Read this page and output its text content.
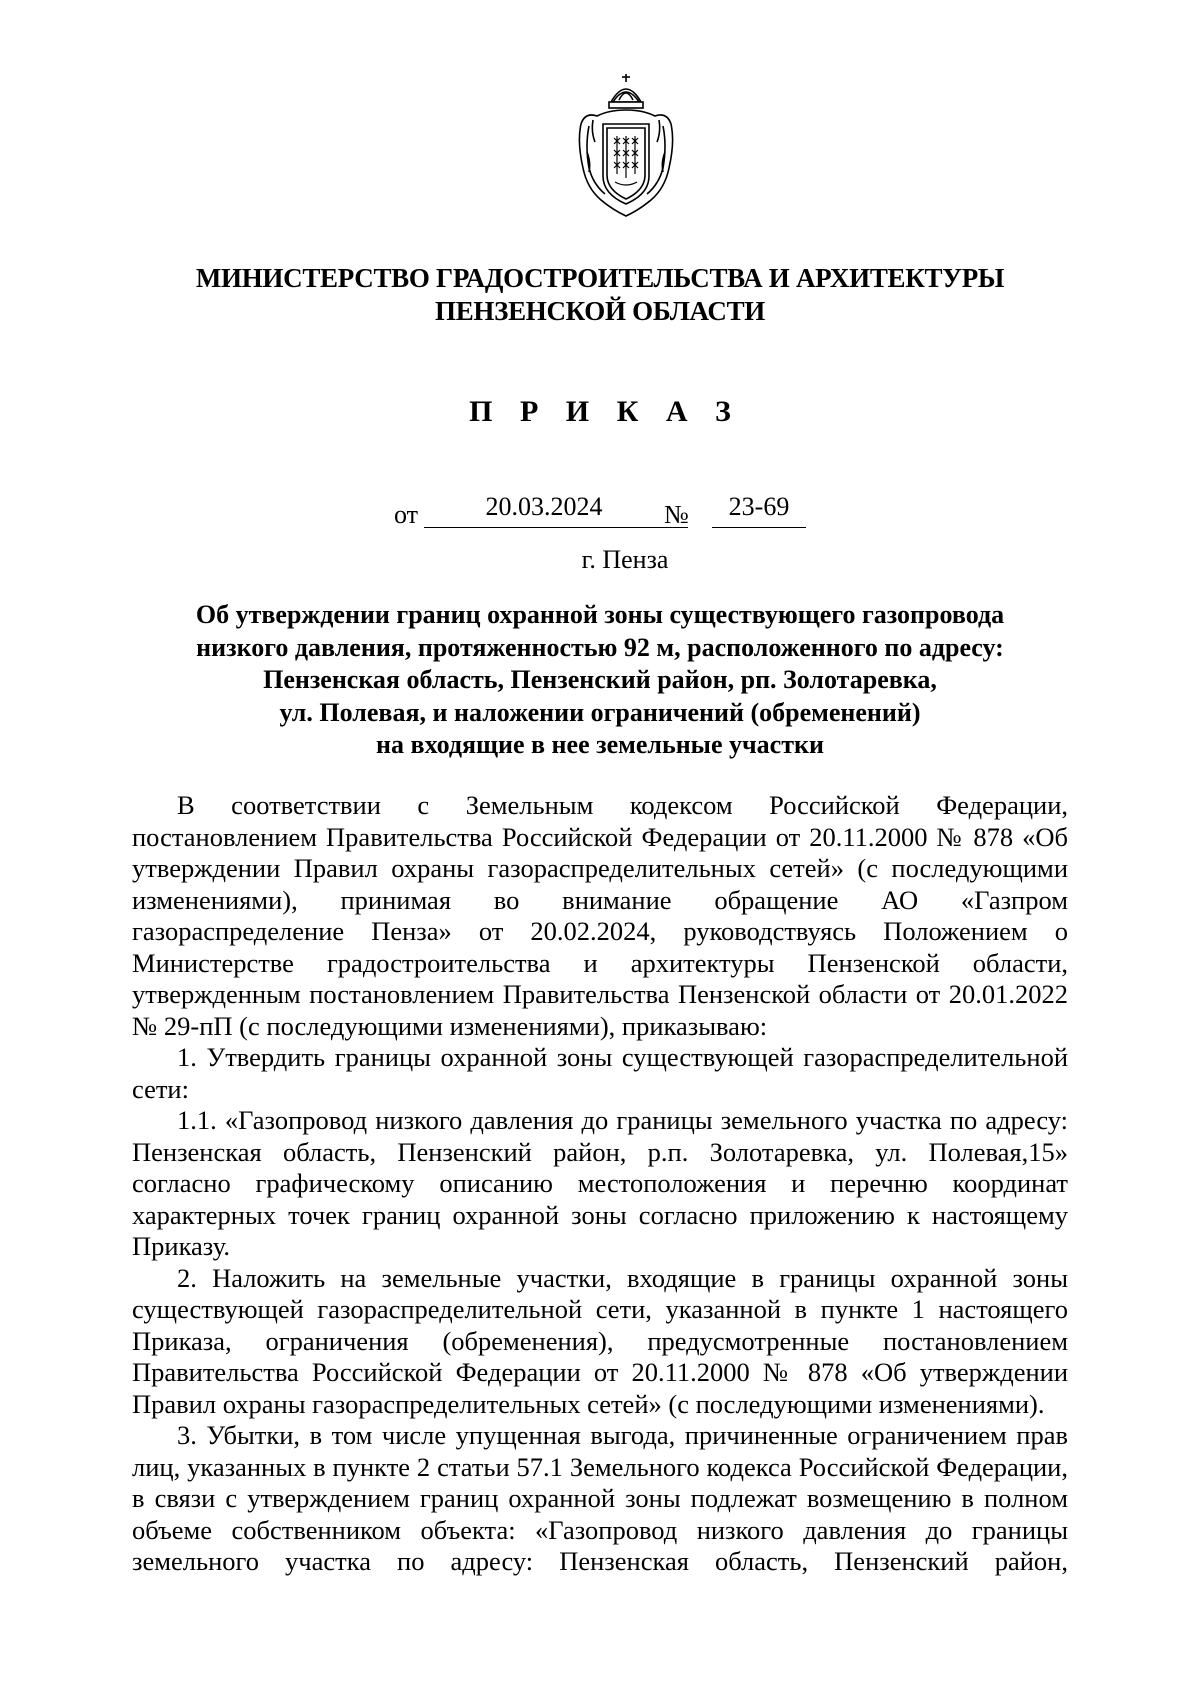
МИНИСТЕРСТВО ГРАДОСТРОИТЕЛЬСТВА И АРХИТЕКТУРЫ
ПЕНЗЕНСКОЙ ОБЛАСТИ
П Р И К А З
от	20.03.2024	№	23-69
г. Пенза
Об утверждении границ охранной зоны существующего газопровода
низкого давления, протяженностью 92 м, расположенного по адресу:
Пензенская область, Пензенский район, рп. Золотаревка,
ул. Полевая, и наложении ограничений (обременений)
на входящие в нее земельные участки

В соответствии с Земельным кодексом Российской Федерации, постановлением Правительства Российской Федерации от 20.11.2000 № 878 «Об утверждении Правил охраны газораспределительных сетей» (с последующими изменениями), принимая во внимание обращение АО «Газпром газораспределение Пенза» от 20.02.2024, руководствуясь Положением о Министерстве градостроительства и архитектуры Пензенской области, утвержденным постановлением Правительства Пензенской области от 20.01.2022 № 29-пП (с последующими изменениями), приказываю:

1. Утвердить границы охранной зоны существующей газораспределительной сети:

1.1. «Газопровод низкого давления до границы земельного участка по адресу: Пензенская область, Пензенский район, р.п. Золотаревка, ул. Полевая,15» согласно графическому описанию местоположения и перечню координат характерных точек границ охранной зоны согласно приложению к настоящему Приказу.

2. Наложить на земельные участки, входящие в границы охранной зоны существующей газораспределительной сети, указанной в пункте 1 настоящего Приказа, ограничения (обременения), предусмотренные постановлением Правительства Российской Федерации от 20.11.2000 № 878 «Об утверждении Правил охраны газораспределительных сетей» (с последующими изменениями).

3. Убытки, в том числе упущенная выгода, причиненные ограничением прав лиц, указанных в пункте 2 статьи 57.1 Земельного кодекса Российской Федерации, в связи с утверждением границ охранной зоны подлежат возмещению в полном объеме собственником объекта: «Газопровод низкого давления до границы земельного участка по адресу: Пензенская область, Пензенский район,
